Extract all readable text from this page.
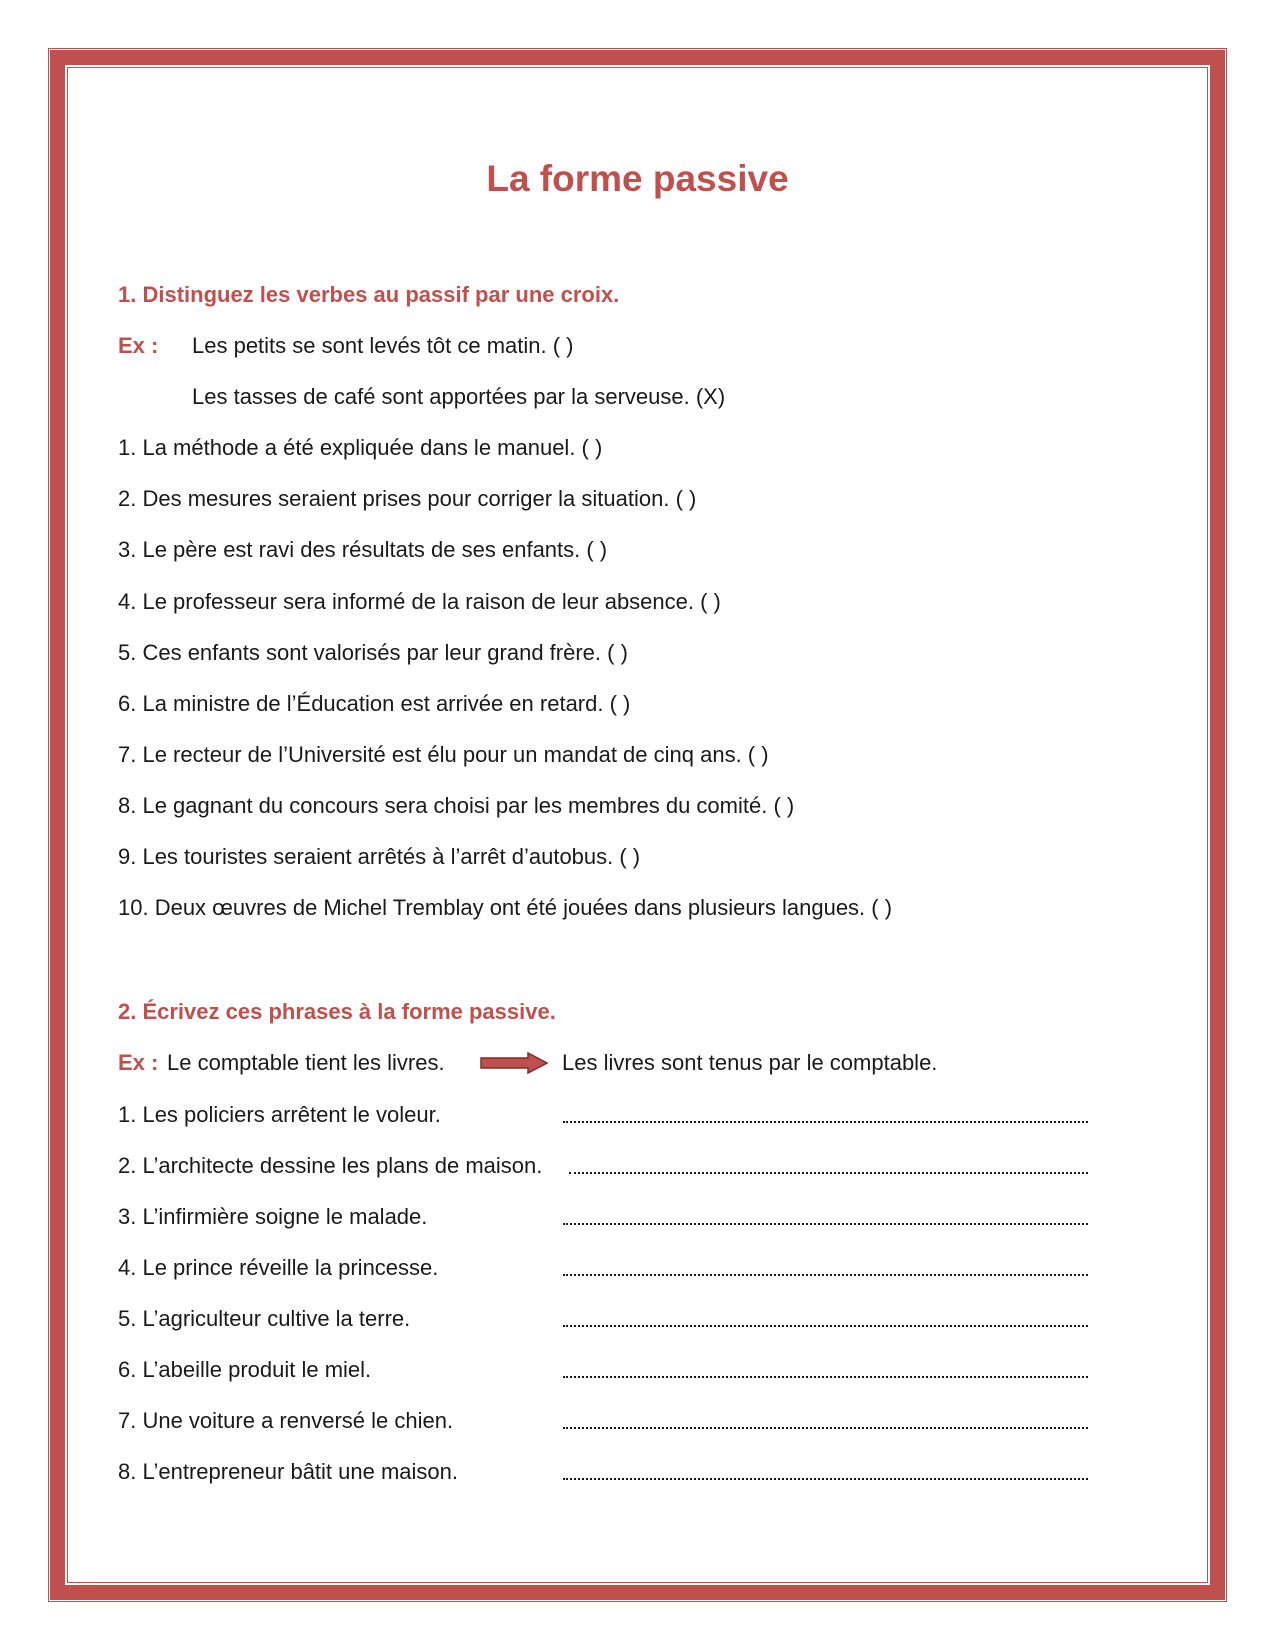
La forme passive
1. Distinguez les verbes au passif par une croix.
Ex : Les petits se sont levés tôt ce matin. ( )
Les tasses de café sont apportées par la serveuse. (X)
1. La méthode a été expliquée dans le manuel. ( )
2. Des mesures seraient prises pour corriger la situation. ( )
3. Le père est ravi des résultats de ses enfants. ( )
4. Le professeur sera informé de la raison de leur absence. ( )
5. Ces enfants sont valorisés par leur grand frère. ( )
6. La ministre de l’Éducation est arrivée en retard. ( )
7. Le recteur de l’Université est élu pour un mandat de cinq ans. ( )
8. Le gagnant du concours sera choisi par les membres du comité. ( )
9. Les touristes seraient arrêtés à l’arrêt d’autobus. ( )
10. Deux œuvres de Michel Tremblay ont été jouées dans plusieurs langues. ( )
2. Écrivez ces phrases à la forme passive.
Ex : Le comptable tient les livres.	Les livres sont tenus par le comptable.
1. Les policiers arrêtent le voleur.
2. L’architecte dessine les plans de maison.
3. L’infirmière soigne le malade.
4. Le prince réveille la princesse.
5. L’agriculteur cultive la terre.
6. L’abeille produit le miel.
7. Une voiture a renversé le chien.
8. L’entrepreneur bâtit une maison.
